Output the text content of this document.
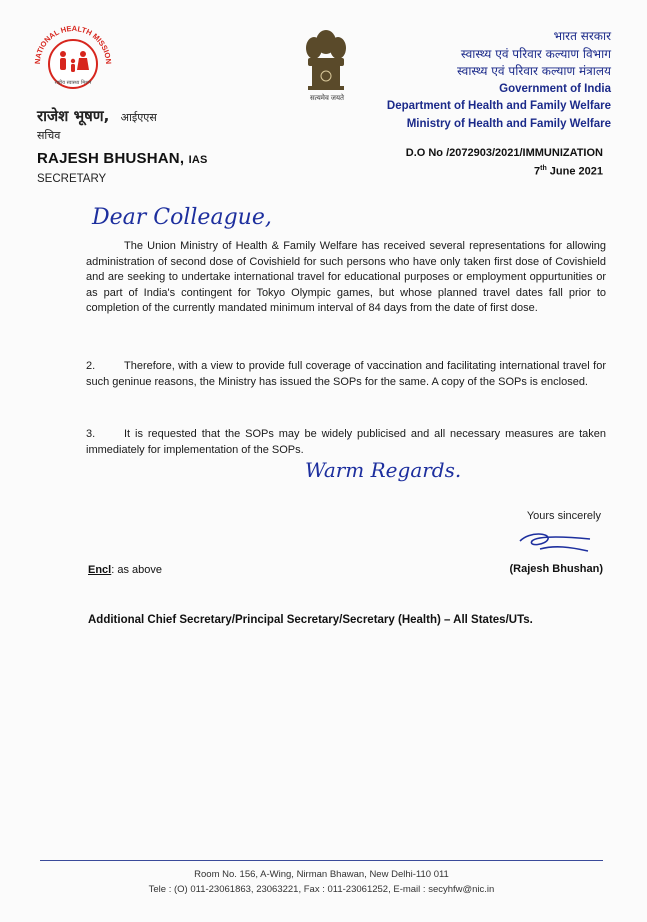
NATIONAL HEALTH MISSION
राष्ट्रीय स्वास्थ्य मिशन
सत्यमेव जयते
राजेश भूषण, आईएएस
सचिव
RAJESH BHUSHAN, IAS
SECRETARY
भारत सरकार
स्वास्थ्य एवं परिवार कल्याण विभाग
स्वास्थ्य एवं परिवार कल्याण मंत्रालय
Government of India
Department of Health and Family Welfare
Ministry of Health and Family Welfare
D.O No /2072903/2021/IMMUNIZATION
7th June 2021
Dear Colleague,
The Union Ministry of Health & Family Welfare has received several representations for allowing administration of second dose of Covishield for such persons who have only taken first dose of Covishield and are seeking to undertake international travel for educational purposes or employment oppurtunities or as part of India's contingent for Tokyo Olympic games, but whose planned travel dates fall prior to completion of the currently mandated minimum interval of 84 days from the date of first dose.
2.	Therefore, with a view to provide full coverage of vaccination and facilitating international travel for such geninue reasons, the Ministry has issued the SOPs for the same. A copy of the SOPs is enclosed.
3.	It is requested that the SOPs may be widely publicised and all necessary measures are taken immediately for implementation of the SOPs.
Warm Regards.
Yours sincerely
Encl: as above	(Rajesh Bhushan)
Additional Chief Secretary/Principal Secretary/Secretary (Health) – All States/UTs.
Room No. 156, A-Wing, Nirman Bhawan, New Delhi-110 011
Tele : (O) 011-23061863, 23063221, Fax : 011-23061252, E-mail : secyhfw@nic.in
